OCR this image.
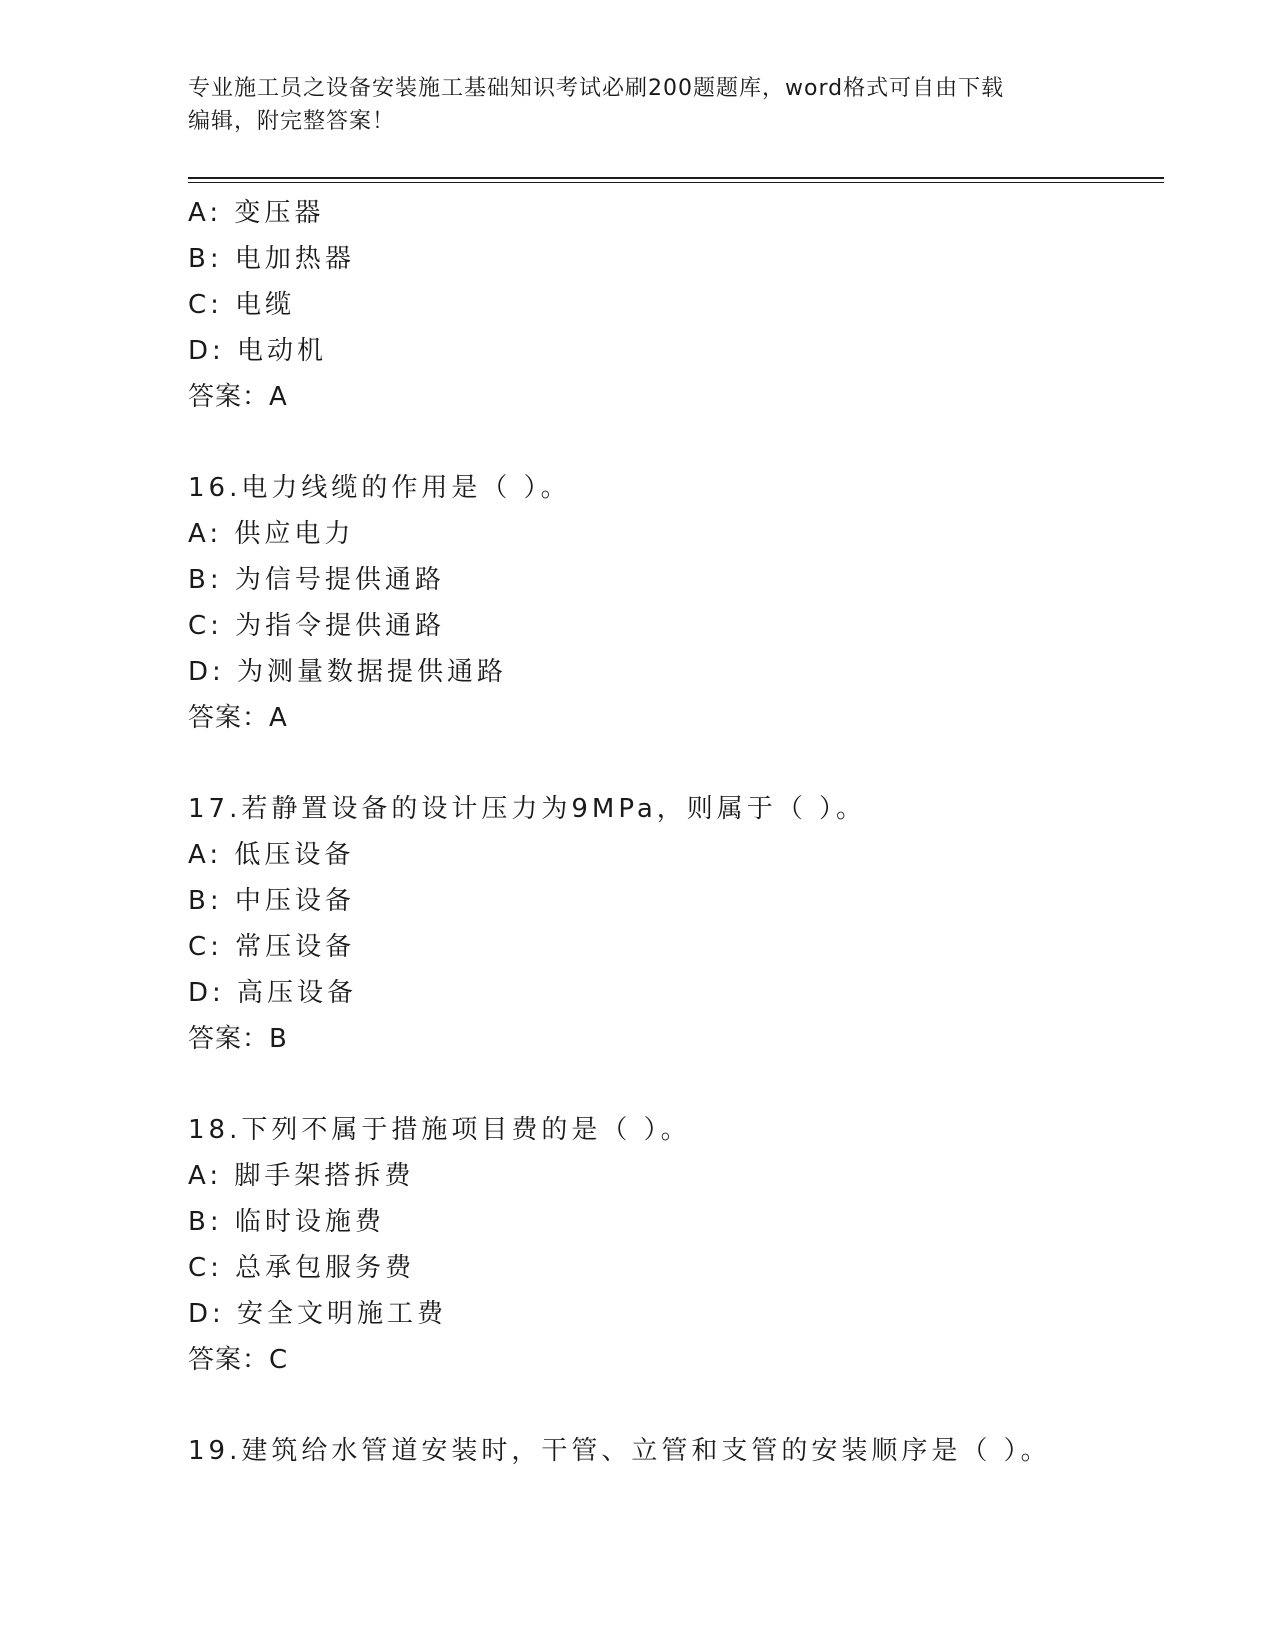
专业施工员之设备安装施工基础知识考试必刷200题题库，word格式可自由下载
编辑，附完整答案！
A: 变压器
B: 电加热器
C: 电缆
D: 电动机
答案：A
16.电力线缆的作用是（ ）。
A: 供应电力
B: 为信号提供通路
C: 为指令提供通路
D: 为测量数据提供通路
答案：A
17.若静置设备的设计压力为9MPa，则属于（ ）。
A: 低压设备
B: 中压设备
C: 常压设备
D: 高压设备
答案：B
18.下列不属于措施项目费的是（ ）。
A: 脚手架搭拆费
B: 临时设施费
C: 总承包服务费
D: 安全文明施工费
答案：C
19.建筑给水管道安装时，干管、立管和支管的安装顺序是（ ）。
